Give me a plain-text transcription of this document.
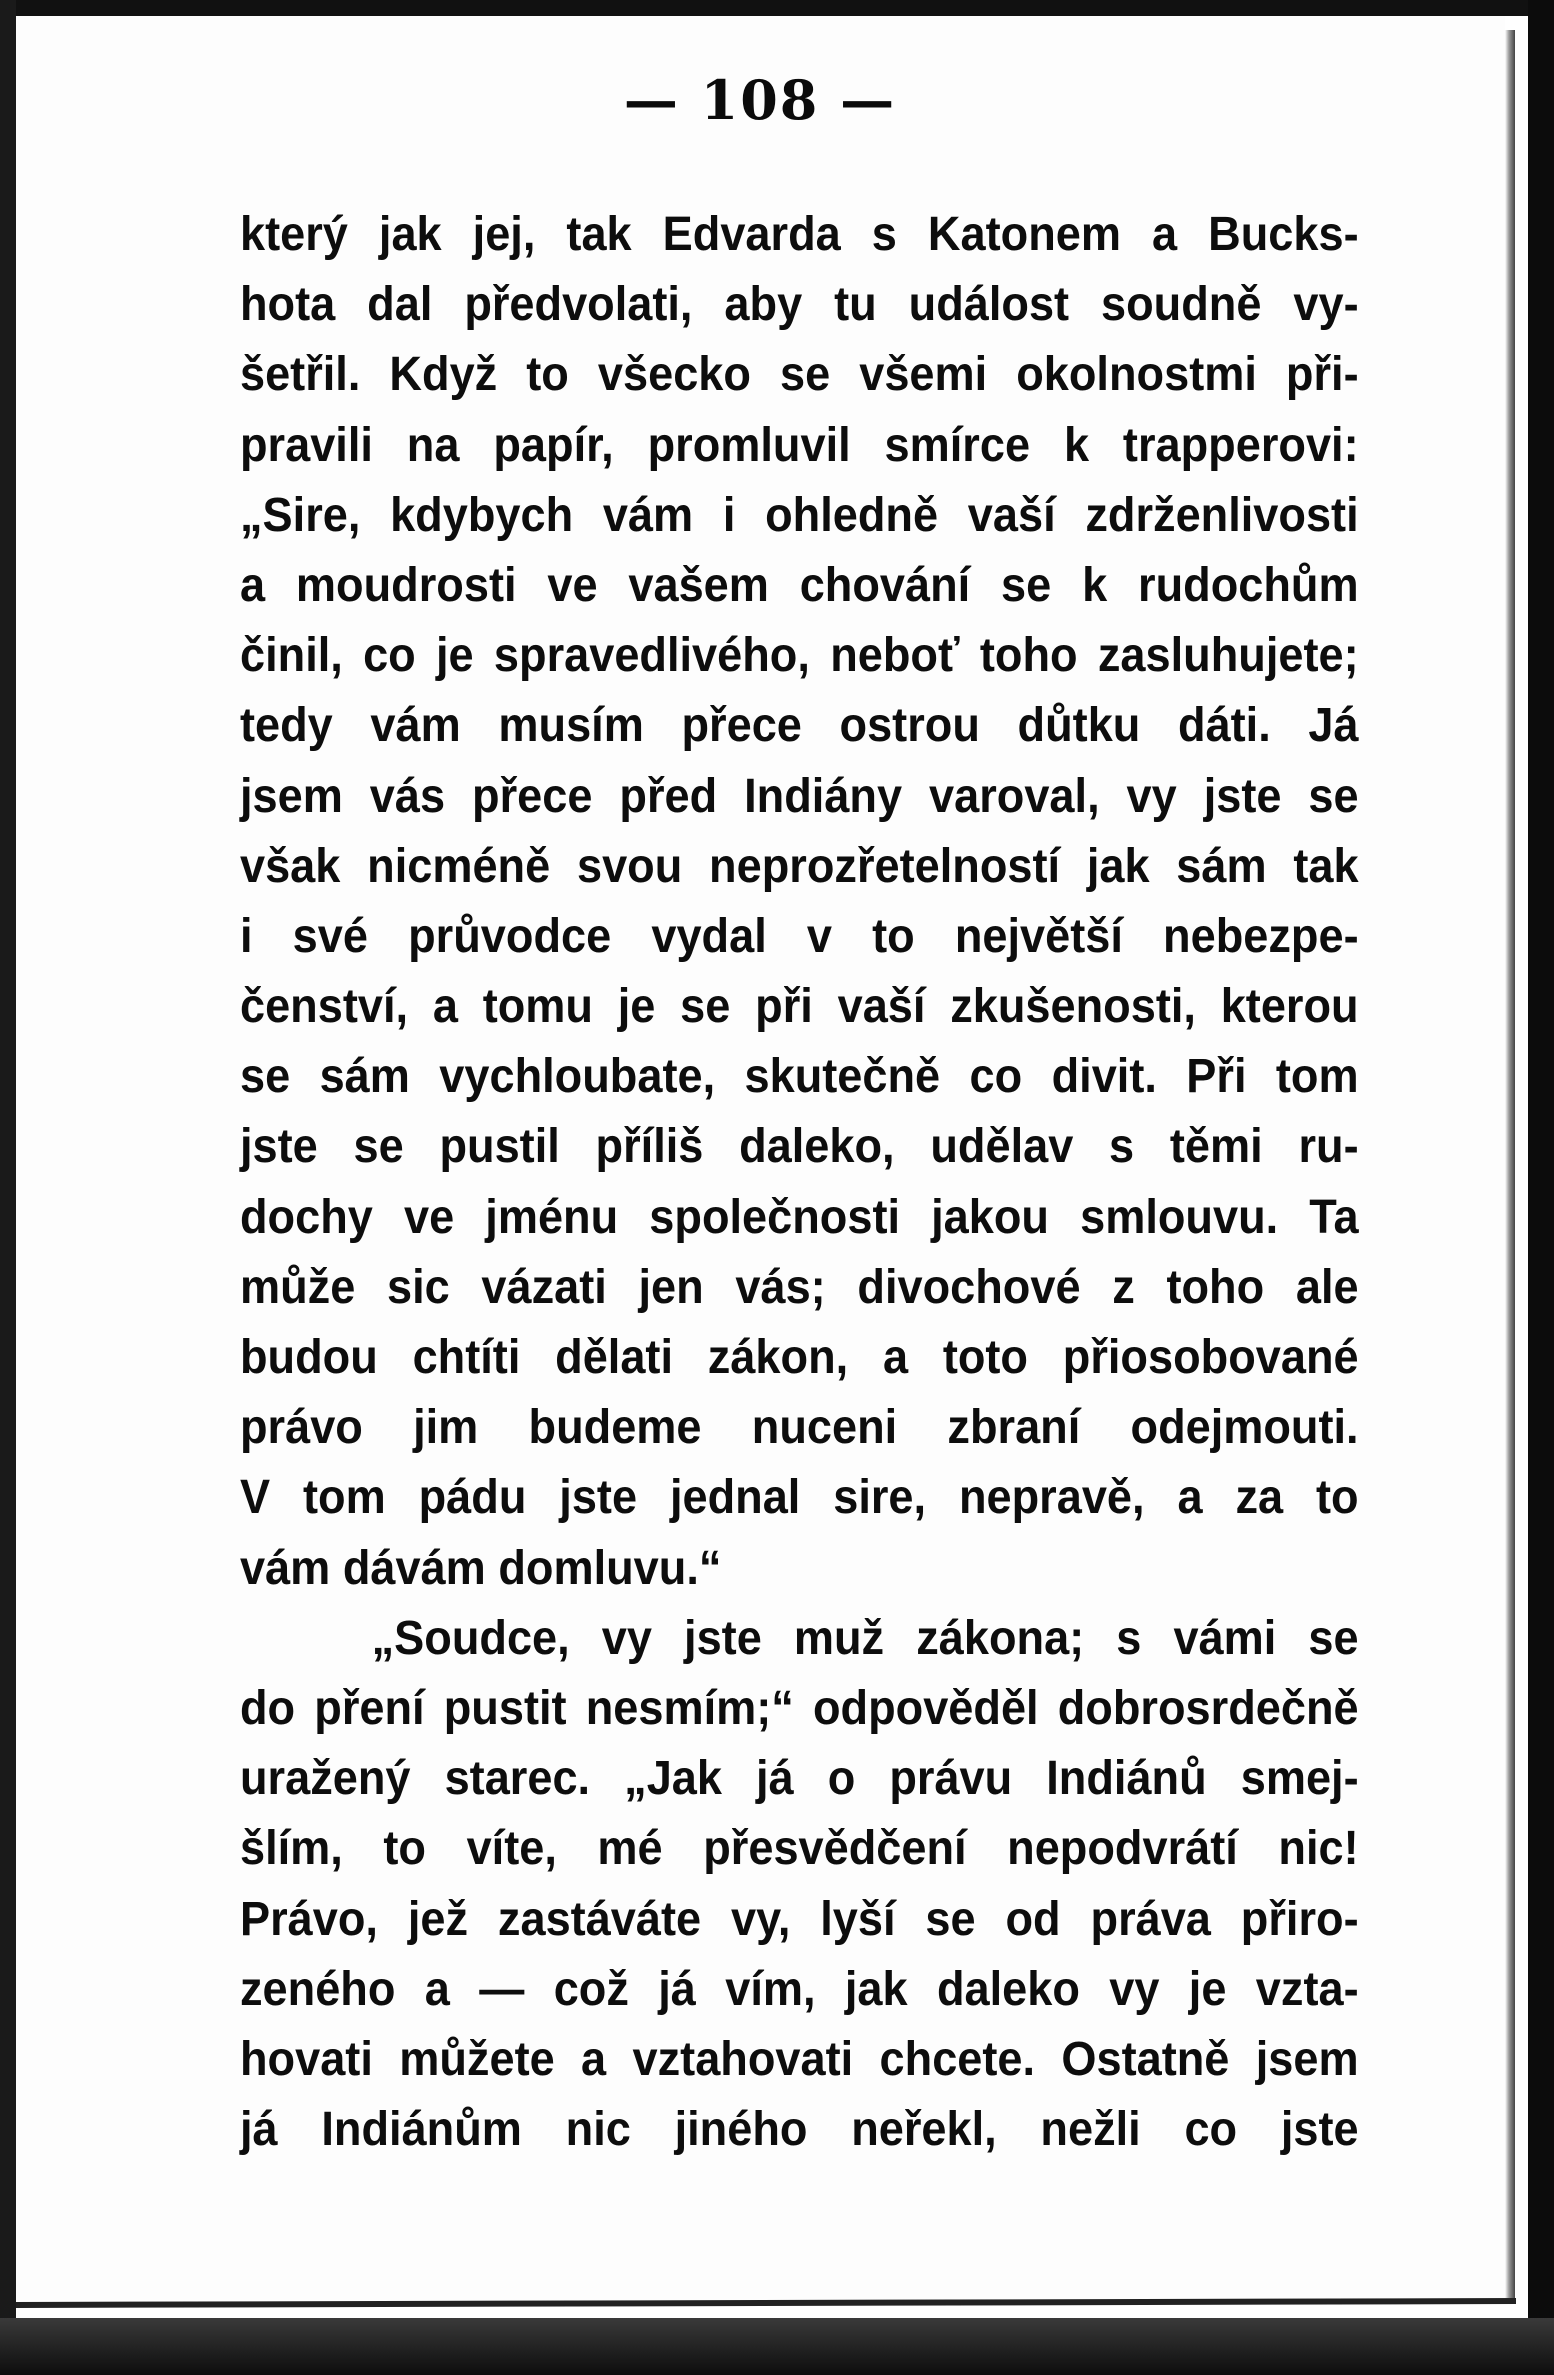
— 108 —
který jak jej, tak Edvarda s Katonem a Bucks-
hota dal předvolati, aby tu událost soudně vy-
šetřil. Když to všecko se všemi okolnostmi při-
pravili na papír, promluvil smírce k trapperovi:
„Sire, kdybych vám i ohledně vaší zdrženlivosti
a moudrosti ve vašem chování se k rudochům
činil, co je spravedlivého, neboť toho zasluhujete;
tedy vám musím přece ostrou důtku dáti. Já
jsem vás přece před Indiány varoval, vy jste se
však nicméně svou neprozřetelností jak sám tak
i své průvodce vydal v to největší nebezpe-
čenství, a tomu je se při vaší zkušenosti, kterou
se sám vychloubate, skutečně co divit. Při tom
jste se pustil příliš daleko, udělav s těmi ru-
dochy ve jménu společnosti jakou smlouvu. Ta
může sic vázati jen vás; divochové z toho ale
budou chtíti dělati zákon, a toto přiosobované
právo jim budeme nuceni zbraní odejmouti.
V tom pádu jste jednal sire, nepravě, a za to
vám dávám domluvu.“
„Soudce, vy jste muž zákona; s vámi se
do pření pustit nesmím;“ odpověděl dobrosrdečně
uražený starec. „Jak já o právu Indiánů smej-
šlím, to víte, mé přesvědčení nepodvrátí nic!
Právo, jež zastáváte vy, lyší se od práva přiro-
zeného a — což já vím, jak daleko vy je vzta-
hovati můžete a vztahovati chcete. Ostatně jsem
já Indiánům nic jiného neřekl, nežli co jste
